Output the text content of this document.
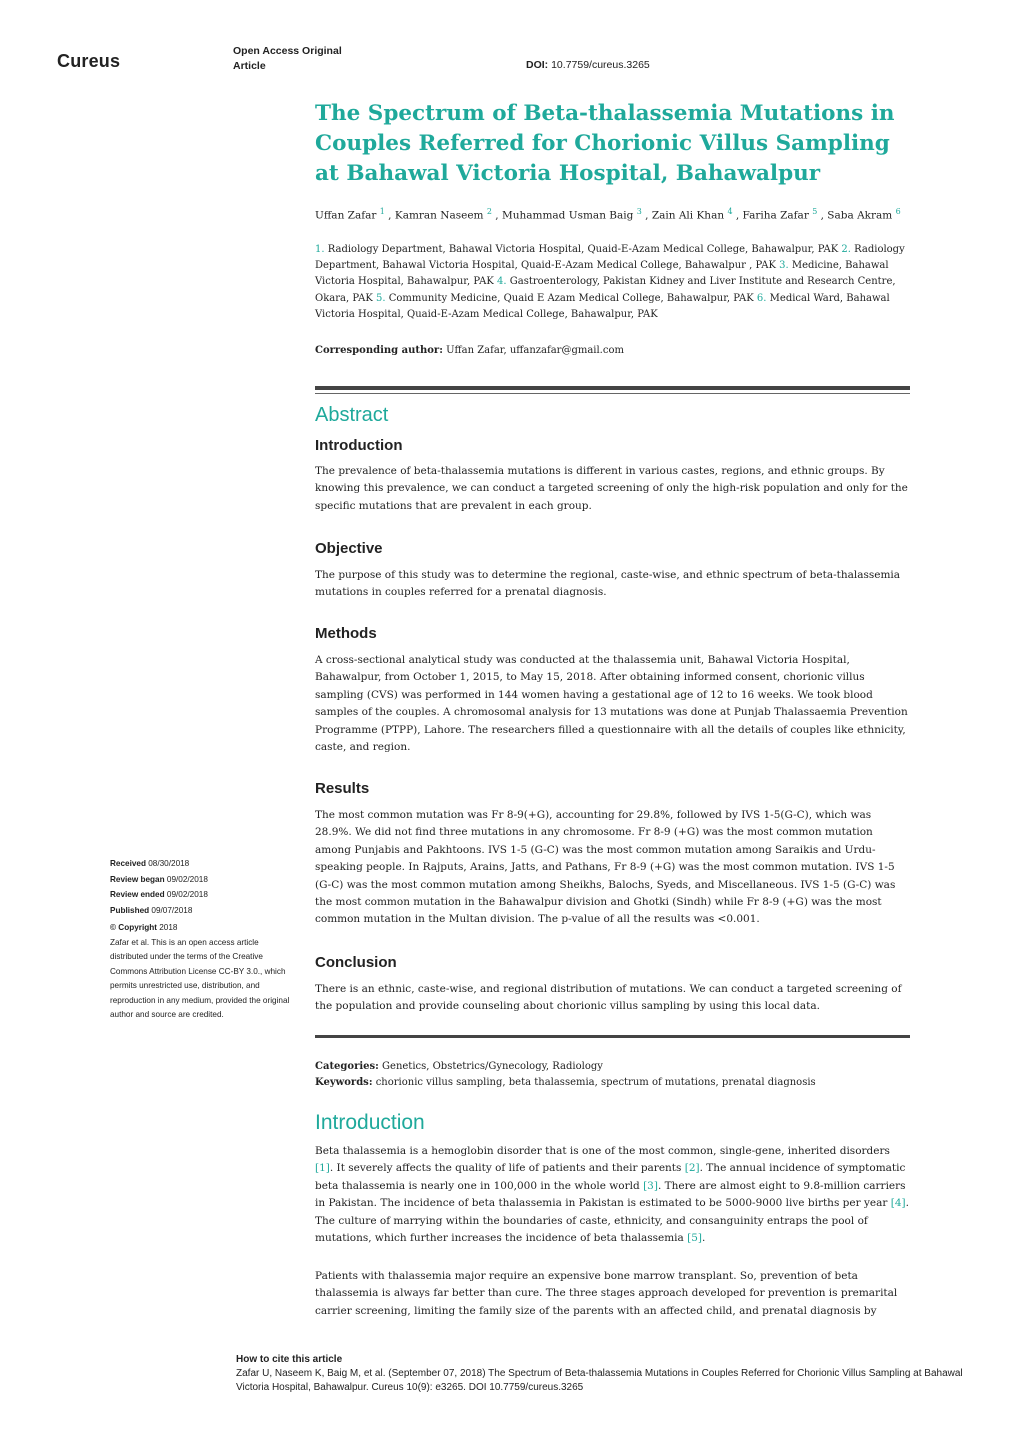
Cureus	Open Access Original
Article	DOI: 10.7759/cureus.3265
The Spectrum of Beta-thalassemia Mutations in Couples Referred for Chorionic Villus Sampling at Bahawal Victoria Hospital, Bahawalpur
Uffan Zafar $^1$ , Kamran Naseem $^2$ , Muhammad Usman Baig $^3$ , Zain Ali Khan $^4$ , Fariha Zafar $^5$ , Saba Akram $^6$
1. Radiology Department, Bahawal Victoria Hospital, Quaid-E-Azam Medical College, Bahawalpur, PAK 2. Radiology Department, Bahawal Victoria Hospital, Quaid-E-Azam Medical College, Bahawalpur , PAK 3. Medicine, Bahawal Victoria Hospital, Bahawalpur, PAK 4. Gastroenterology, Pakistan Kidney and Liver Institute and Research Centre, Okara, PAK 5. Community Medicine, Quaid E Azam Medical College, Bahawalpur, PAK 6. Medical Ward, Bahawal Victoria Hospital, Quaid-E-Azam Medical College, Bahawalpur, PAK
Corresponding author: Uffan Zafar, uffanzafar@gmail.com
Abstract
Introduction

The prevalence of beta-thalassemia mutations is different in various castes, regions, and ethnic groups. By knowing this prevalence, we can conduct a targeted screening of only the high-risk population and only for the specific mutations that are prevalent in each group.

Objective

The purpose of this study was to determine the regional, caste-wise, and ethnic spectrum of beta-thalassemia mutations in couples referred for a prenatal diagnosis.

Methods

A cross-sectional analytical study was conducted at the thalassemia unit, Bahawal Victoria Hospital, Bahawalpur, from October 1, 2015, to May 15, 2018. After obtaining informed consent, chorionic villus sampling (CVS) was performed in 144 women having a gestational age of 12 to 16 weeks. We took blood samples of the couples. A chromosomal analysis for 13 mutations was done at Punjab Thalassaemia Prevention Programme (PTPP), Lahore. The researchers filled a questionnaire with all the details of couples like ethnicity, caste, and region.

Results

The most common mutation was Fr 8-9(+G), accounting for 29.8%, followed by IVS 1-5(G-C), which was 28.9%. We did not find three mutations in any chromosome. Fr 8-9 (+G) was the most common mutation among Punjabis and Pakhtoons. IVS 1-5 (G-C) was the most common mutation among Saraikis and Urdu-speaking people. In Rajputs, Arains, Jatts, and Pathans, Fr 8-9 (+G) was the most common mutation. IVS 1-5 (G-C) was the most common mutation among Sheikhs, Balochs, Syeds, and Miscellaneous. IVS 1-5 (G-C) was the most common mutation in the Bahawalpur division and Ghotki (Sindh) while Fr 8-9 (+G) was the most common mutation in the Multan division. The p-value of all the results was <0.001.

Conclusion

There is an ethnic, caste-wise, and regional distribution of mutations. We can conduct a targeted screening of the population and provide counseling about chorionic villus sampling by using this local data.

Received 08/30/2018
Review began 09/02/2018
Review ended 09/02/2018
Published 09/07/2018
© Copyright 2018
Zafar et al. This is an open access article distributed under the terms of the Creative Commons Attribution License CC-BY 3.0., which permits unrestricted use, distribution, and reproduction in any medium, provided the original author and source are credited.
Categories: Genetics, Obstetrics/Gynecology, Radiology
Keywords: chorionic villus sampling, beta thalassemia, spectrum of mutations, prenatal diagnosis
Introduction

Beta thalassemia is a hemoglobin disorder that is one of the most common, single-gene, inherited disorders [1]. It severely affects the quality of life of patients and their parents [2]. The annual incidence of symptomatic beta thalassemia is nearly one in 100,000 in the whole world [3]. There are almost eight to 9.8-million carriers in Pakistan. The incidence of beta thalassemia in Pakistan is estimated to be 5000-9000 live births per year [4]. The culture of marrying within the boundaries of caste, ethnicity, and consanguinity entraps the pool of mutations, which further increases the incidence of beta thalassemia [5].

Patients with thalassemia major require an expensive bone marrow transplant. So, prevention of beta thalassemia is always far better than cure. The three stages approach developed for prevention is premarital carrier screening, limiting the family size of the parents with an affected child, and prenatal diagnosis by

How to cite this article
Zafar U, Naseem K, Baig M, et al. (September 07, 2018) The Spectrum of Beta-thalassemia Mutations in Couples Referred for Chorionic Villus Sampling at Bahawal Victoria Hospital, Bahawalpur. Cureus 10(9): e3265. DOI 10.7759/cureus.3265
